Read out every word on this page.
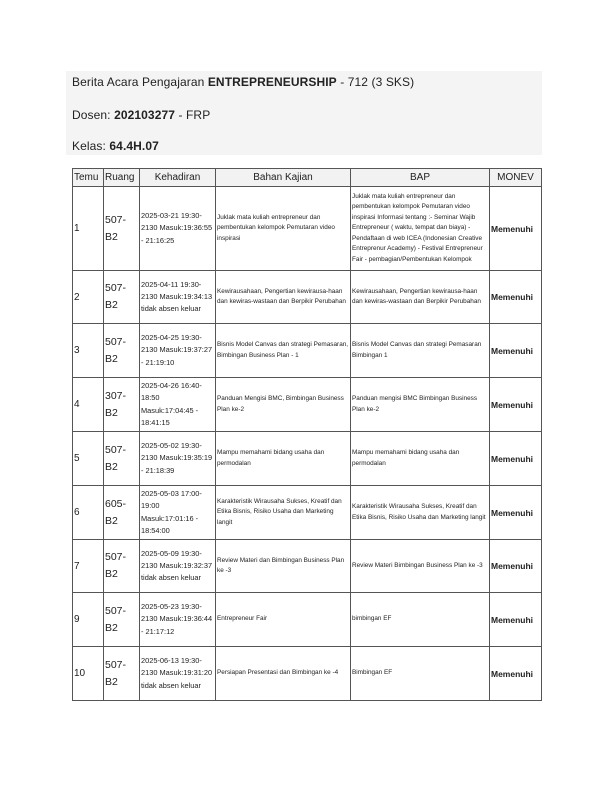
Berita Acara Pengajaran ENTREPRENEURSHIP - 712 (3 SKS)
Dosen: 202103277 - FRP
Kelas: 64.4H.07
Temu	Ruang	Kehadiran	Bahan Kajian	BAP	MONEV
1	507-B2	2025-03-21 19:30-2130 Masuk:19:36:55 - 21:16:25	Juklak mata kuliah entrepreneur dan pembentukan kelompok Pemutaran video inspirasi	Juklak mata kuliah entrepreneur dan pembentukan kelompok Pemutaran video inspirasi Informasi tentang :- Seminar Wajib Entrepreneur ( waktu, tempat dan biaya) - Pendaftaan di web ICEA (Indonesian Creative Entreprenur Academy) - Festival Entrepreneur Fair - pembagian/Pembentukan Kelompok	Memenuhi
2	507-B2	2025-04-11 19:30-2130 Masuk:19:34:13 tidak absen keluar	Kewirausahaan, Pengertian kewirausa-haan dan kewiras-wastaan dan Berpikir Perubahan	Kewirausahaan, Pengertian kewirausa-haan dan kewiras-wastaan dan Berpikir Perubahan	Memenuhi
3	507-B2	2025-04-25 19:30-2130 Masuk:19:37:27 - 21:19:10	Bisnis Model Canvas dan strategi Pemasaran, Bimbingan Business Plan - 1	Bisnis Model Canvas dan strategi Pemasaran Bimbingan 1	Memenuhi
4	307-B2	2025-04-26 16:40-18:50 Masuk:17:04:45 - 18:41:15	Panduan Mengisi BMC, Bimbingan Business Plan ke-2	Panduan mengisi BMC Bimbingan Business Plan ke-2	Memenuhi
5	507-B2	2025-05-02 19:30-2130 Masuk:19:35:19 - 21:18:39	Mampu memahami bidang usaha dan permodalan	Mampu memahami bidang usaha dan permodalan	Memenuhi
6	605-B2	2025-05-03 17:00-19:00 Masuk:17:01:16 - 18:54:00	Karakteristik Wirausaha Sukses, Kreatif dan Etika Bisnis, Risiko Usaha dan Marketing langit	Karakteristik Wirausaha Sukses, Kreatif dan Etika Bisnis, Risiko Usaha dan Marketing langit	Memenuhi
7	507-B2	2025-05-09 19:30-2130 Masuk:19:32:37 tidak absen keluar	Review Materi dan Bimbingan Business Plan ke -3	Review Materi Bimbingan Business Plan ke -3	Memenuhi
9	507-B2	2025-05-23 19:30-2130 Masuk:19:36:44 - 21:17:12	Entrepreneur Fair	bimbingan EF	Memenuhi
10	507-B2	2025-06-13 19:30-2130 Masuk:19:31:20 tidak absen keluar	Persiapan Presentasi dan Bimbingan ke -4	Bimbingan EF	Memenuhi
